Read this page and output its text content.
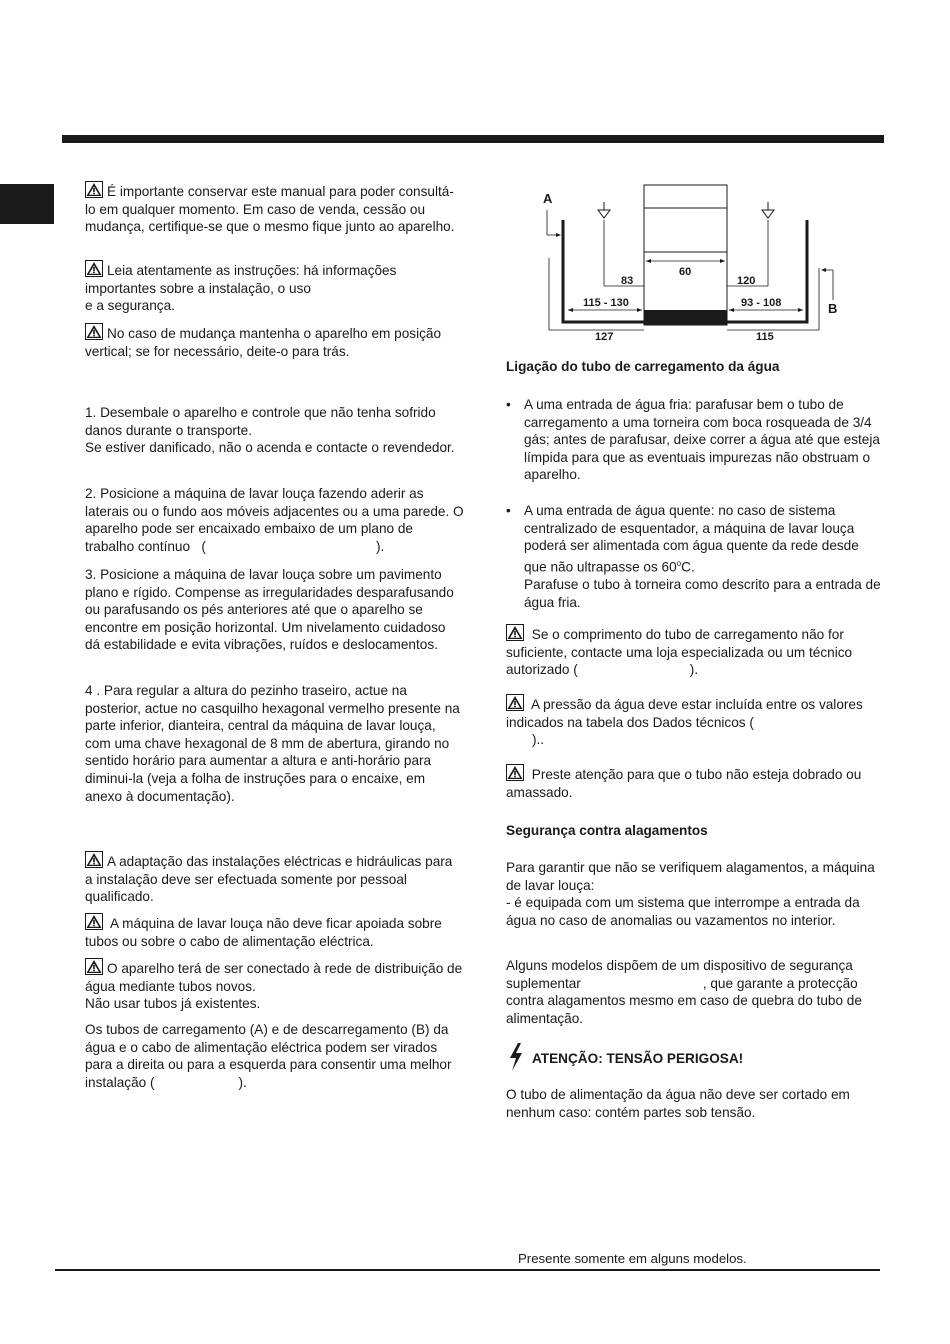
É importante conservar este manual para poder consultá-lo em qualquer momento. Em caso de venda, cessão ou mudança, certifique-se que o mesmo fique junto ao aparelho.

Leia atentamente as instruções: há informações importantes sobre a instalação, o uso
e a segurança.

No caso de mudança mantenha o aparelho em posição vertical; se for necessário, deite-o para trás.

1. Desembale o aparelho e controle que não tenha sofrido danos durante o transporte.
Se estiver danificado, não o acenda e contacte o revendedor.

2. Posicione a máquina de lavar louça fazendo aderir as laterais ou o fundo aos móveis adjacentes ou a uma parede. O aparelho pode ser encaixado embaixo de um plano de trabalho contínuo (	).

3. Posicione a máquina de lavar louça sobre um pavimento plano e rígido. Compense as irregularidades desparafusando ou parafusando os pés anteriores até que o aparelho se encontre em posição horizontal. Um nivelamento cuidadoso dá estabilidade e evita vibrações, ruídos e deslocamentos.

4 . Para regular a altura do pezinho traseiro, actue na posterior, actue no casquilho hexagonal vermelho presente na parte inferior, dianteira, central da máquina de lavar louça, com uma chave hexagonal de 8 mm de abertura, girando no sentido horário para aumentar a altura e anti-horário para diminui-la (veja a folha de instruções para o encaixe, em anexo à documentação).

A adaptação das instalações eléctricas e hidráulicas para a instalação deve ser efectuada somente por pessoal qualificado.

A máquina de lavar louça não deve ficar apoiada sobre tubos ou sobre o cabo de alimentação eléctrica.

O aparelho terá de ser conectado à rede de distribuição de água mediante tubos novos.
Não usar tubos já existentes.

Os tubos de carregamento (A) e de descarregamento (B) da água e o cabo de alimentação eléctrica podem ser virados para a direita ou para a esquerda para consentir uma melhor instalação (	).

A
B
60
83	120
115 - 130	93 - 108
127	115

Ligação do tubo de carregamento da água

• A uma entrada de água fria: parafusar bem o tubo de carregamento a uma torneira com boca rosqueada de 3/4 gás; antes de parafusar, deixe correr a água até que esteja límpida para que as eventuais impurezas não obstruam o aparelho.
• A uma entrada de água quente: no caso de sistema centralizado de esquentador, a máquina de lavar louça poderá ser alimentada com água quente da rede desde que não ultrapasse os 60$^o$C.
Parafuse o tubo à torneira como descrito para a entrada de água fria.

Se o comprimento do tubo de carregamento não for suficiente, contacte uma loja especializada ou um técnico autorizado (	).

A pressão da água deve estar incluída entre os valores indicados na tabela dos Dados técnicos (
)..

Preste atenção para que o tubo não esteja dobrado ou amassado.

Segurança contra alagamentos

Para garantir que não se verifiquem alagamentos, a máquina de lavar louça:
- é equipada com um sistema que interrompe a entrada da água no caso de anomalias ou vazamentos no interior.

Alguns modelos dispõem de um dispositivo de segurança suplementar	, que garante a protecção contra alagamentos mesmo em caso de quebra do tubo de alimentação.

ATENÇÃO: TENSÃO PERIGOSA!

O tubo de alimentação da água não deve ser cortado em nenhum caso: contém partes sob tensão.

Presente somente em alguns modelos.
